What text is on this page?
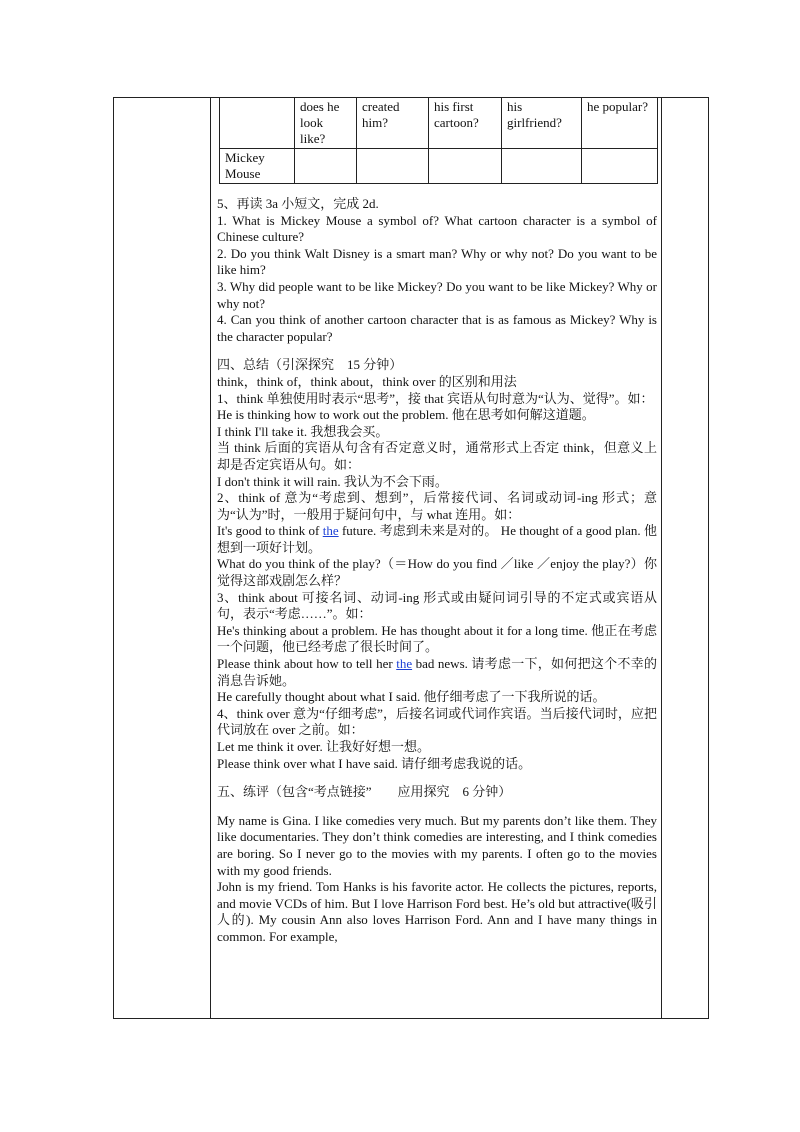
	does he look like?	created him?	his first cartoon?	his girlfriend?	he popular?
Mickey Mouse					

5、再读 3a 小短文，完成 2d.

1. What is Mickey Mouse a symbol of? What cartoon character is a symbol of Chinese culture?

2. Do you think Walt Disney is a smart man? Why or why not? Do you want to be like him?

3. Why did people want to be like Mickey? Do you want to be like Mickey? Why or why not?

4. Can you think of another cartoon character that is as famous as Mickey? Why is the character popular?

四、总结（引深探究　15 分钟）

think，think of，think about，think over 的区别和用法

1、think 单独使用时表示“思考”，接 that 宾语从句时意为“认为、觉得”。如：

He is thinking how to work out the problem. 他在思考如何解这道题。

I think I'll take it. 我想我会买。

当 think 后面的宾语从句含有否定意义时，通常形式上否定 think，但意义上却是否定宾语从句。如：

I don't think it will rain. 我认为不会下雨。

2、think of 意为“考虑到、想到”，后常接代词、名词或动词-ing 形式；意为“认为”时，一般用于疑问句中，与 what 连用。如：

It's good to think of the future. 考虑到未来是对的。 He thought of a good plan. 他想到一项好计划。

What do you think of the play?（＝How do you find ／like ／enjoy the play?）你觉得这部戏剧怎么样？

3、think about 可接名词、动词-ing 形式或由疑问词引导的不定式或宾语从句，表示“考虑……”。如：

He's thinking about a problem. He has thought about it for a long time. 他正在考虑一个问题，他已经考虑了很长时间了。

Please think about how to tell her the bad news. 请考虑一下，如何把这个不幸的消息告诉她。

He carefully thought about what I said. 他仔细考虑了一下我所说的话。

4、think over 意为“仔细考虑”，后接名词或代词作宾语。当后接代词时，应把代词放在 over 之前。如：

Let me think it over. 让我好好想一想。

Please think over what I have said. 请仔细考虑我说的话。

五、练评（包含“考点链接”　　应用探究　6 分钟）

My name is Gina. I like comedies very much. But my parents don’t like them. They like documentaries. They don’t think comedies are interesting, and I think comedies are boring. So I never go to the movies with my parents. I often go to the movies with my good friends.

John is my friend. Tom Hanks is his favorite actor. He collects the pictures, reports, and movie VCDs of him. But I love Harrison Ford best. He’s old but attractive(吸引人的). My cousin Ann also loves Harrison Ford. Ann and I have many things in common. For example,
